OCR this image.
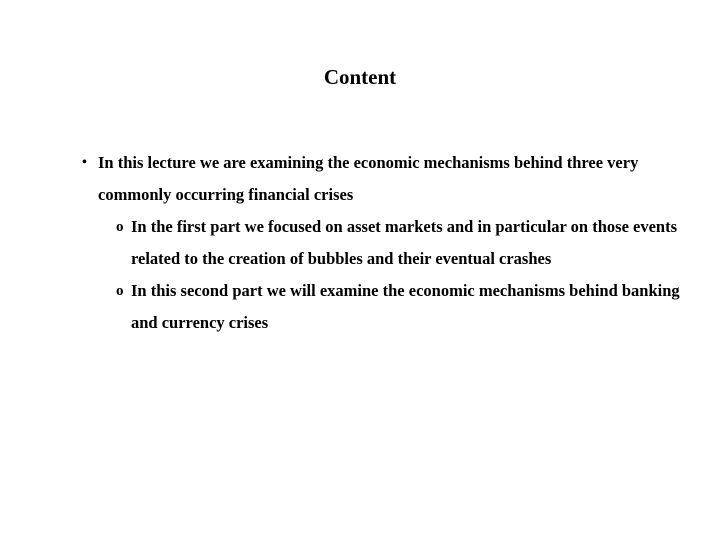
Content
• In this lecture we are examining the economic mechanisms behind three very commonly occurring financial crises
o In the first part we focused on asset markets and in particular on those events related to the creation of bubbles and their eventual crashes
o In this second part we will examine the economic mechanisms behind banking and currency crises
